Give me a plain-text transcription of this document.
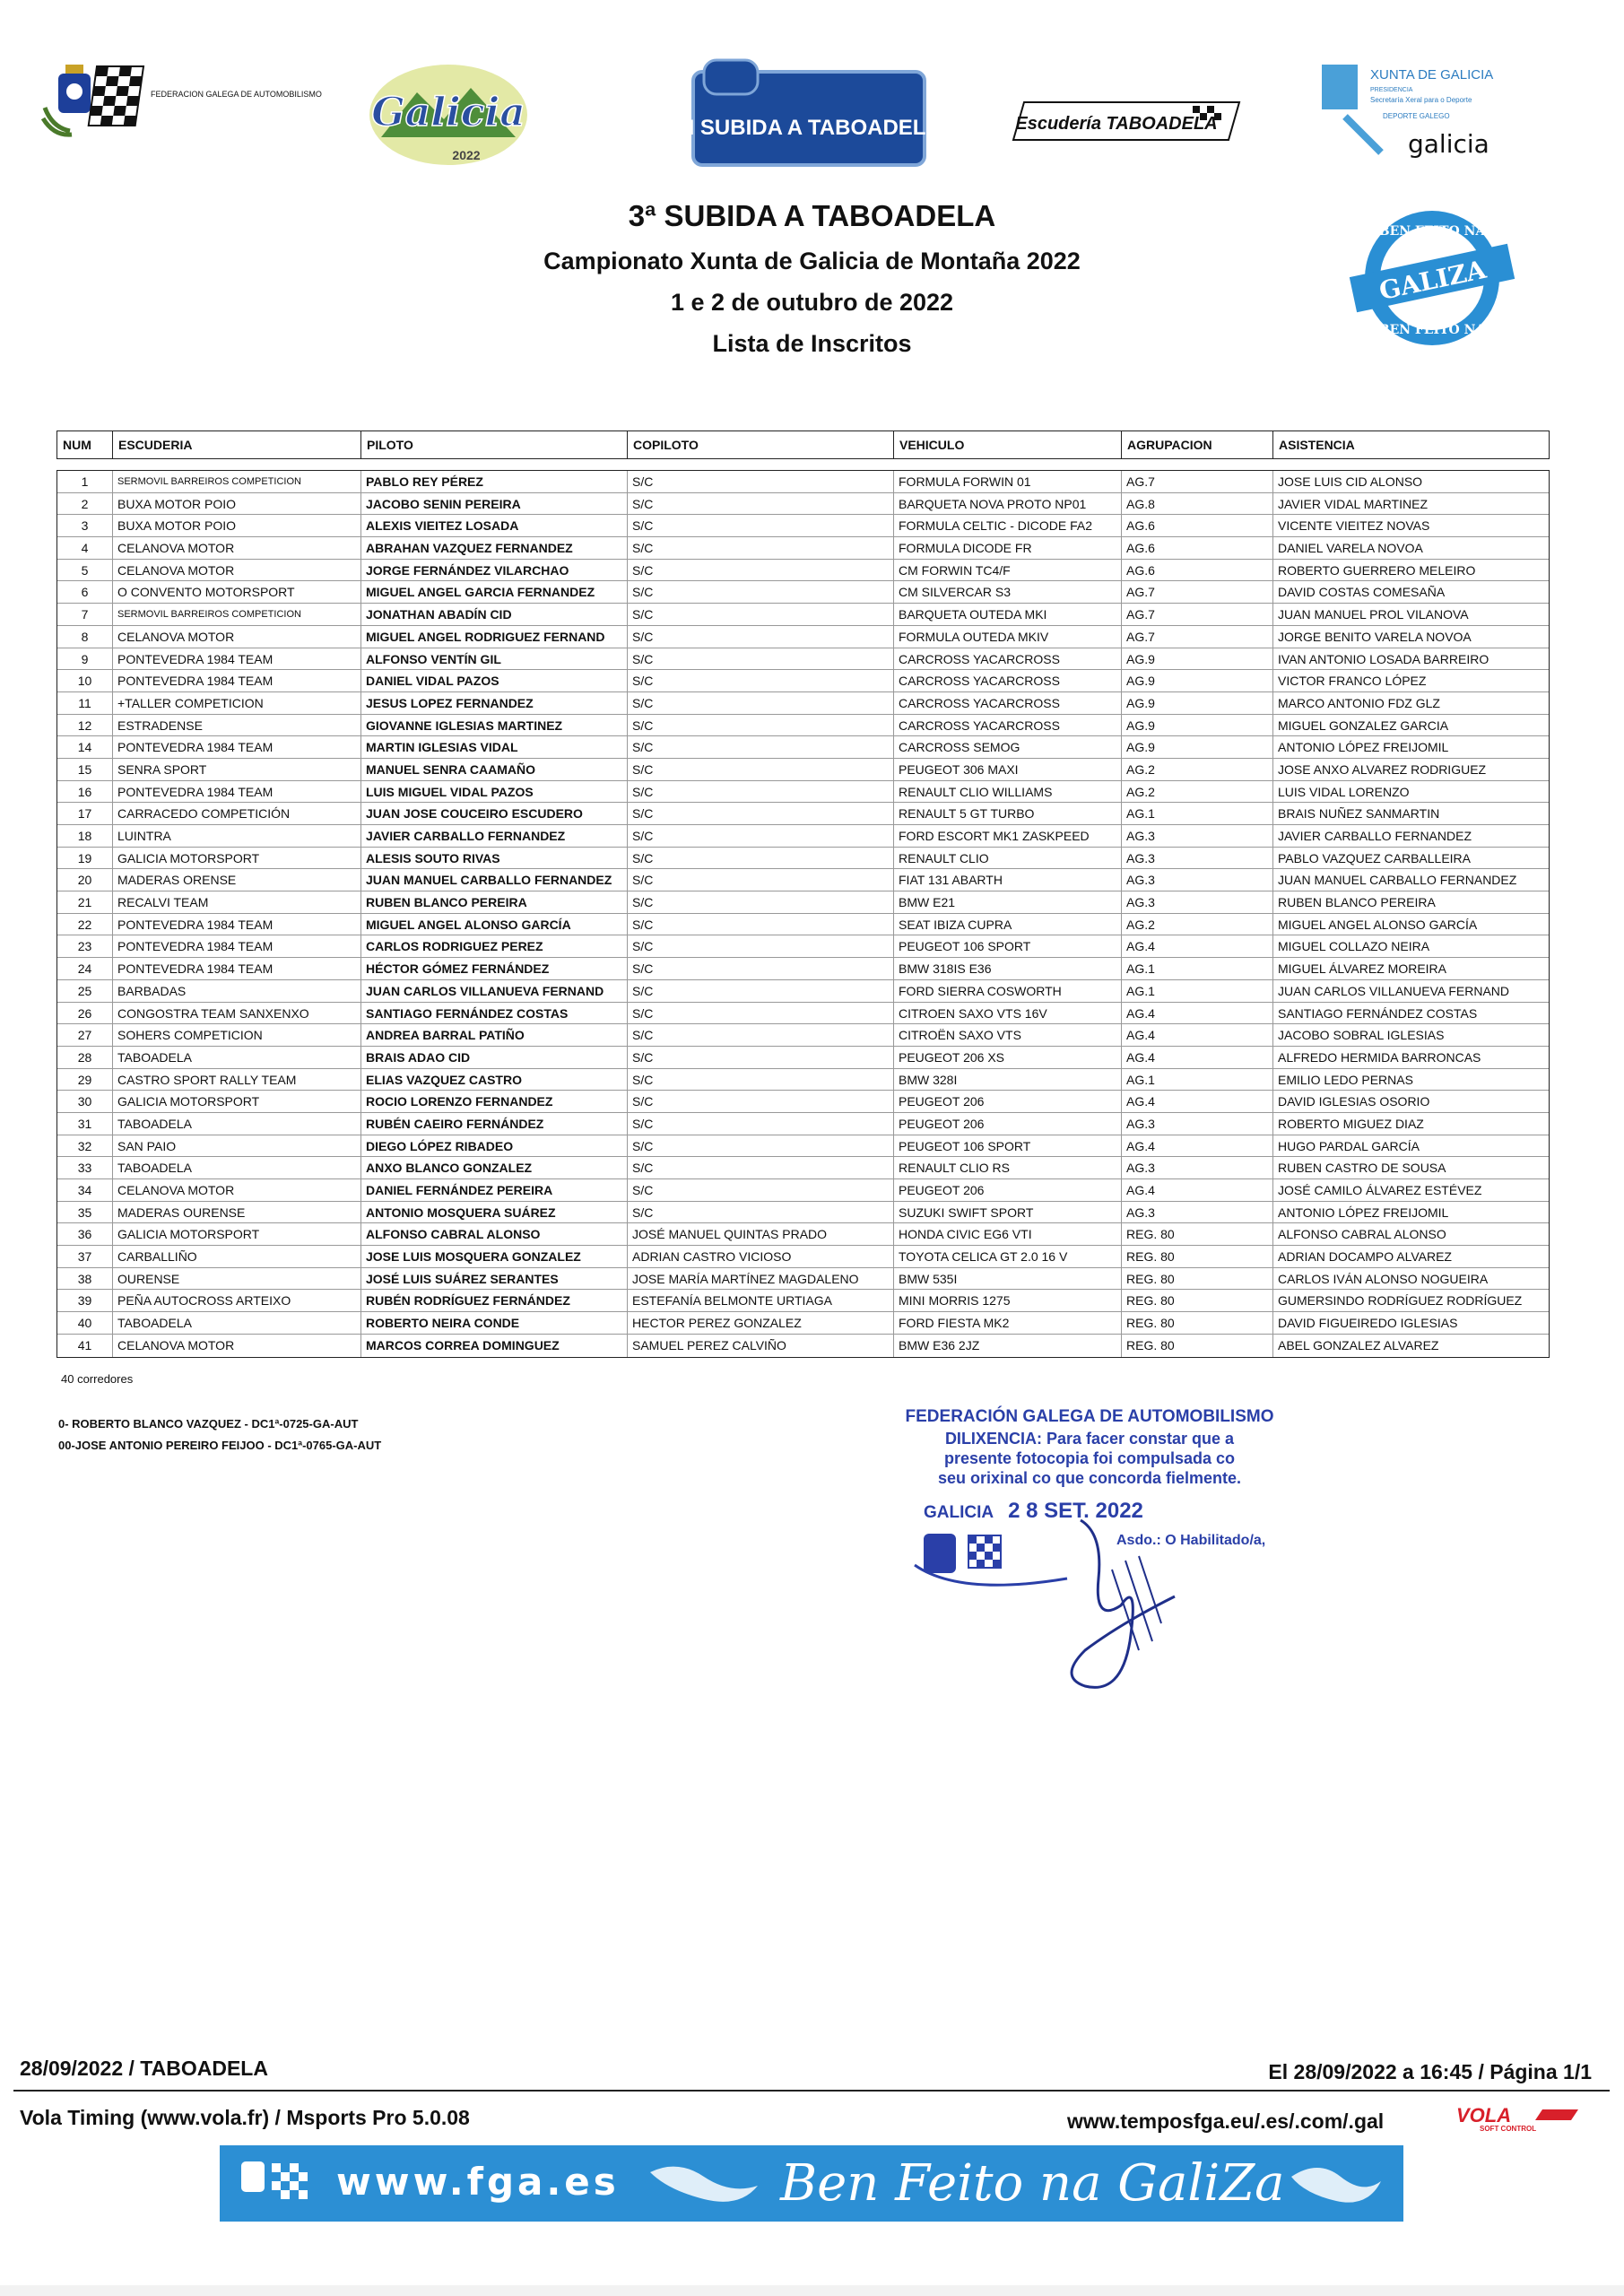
FEDERACION GALEGA DE AUTOMOBILISMO Galicia
2022
III SUBIDA A TABOADELA	Escudería TABOADELA
XUNTA DE GALICIA
PRESIDENCIA
Secretaría Xeral para o Deporte
DEPORTE GALEGO
galicia
BEN FEITO NA
GALIZA
BEN FEITO NA
3ª SUBIDA A TABOADELA
Campionato Xunta de Galicia de Montaña 2022
1 e 2 de outubro de 2022
Lista de Inscritos
NUM	ESCUDERIA	PILOTO	COPILOTO	VEHICULO	AGRUPACION	ASISTENCIA
1	SERMOVIL BARREIROS COMPETICION	PABLO REY PÉREZ	S/C	FORMULA FORWIN 01	AG.7	JOSE LUIS CID ALONSO
2	BUXA MOTOR POIO	JACOBO SENIN PEREIRA	S/C	BARQUETA NOVA PROTO NP01	AG.8	JAVIER VIDAL MARTINEZ
3	BUXA MOTOR POIO	ALEXIS VIEITEZ LOSADA	S/C	FORMULA CELTIC - DICODE FA2	AG.6	VICENTE VIEITEZ NOVAS
4	CELANOVA MOTOR	ABRAHAN VAZQUEZ FERNANDEZ	S/C	FORMULA DICODE FR	AG.6	DANIEL VARELA NOVOA
5	CELANOVA MOTOR	JORGE FERNÁNDEZ VILARCHAO	S/C	CM FORWIN TC4/F	AG.6	ROBERTO GUERRERO MELEIRO
6	O CONVENTO MOTORSPORT	MIGUEL ANGEL GARCIA FERNANDEZ	S/C	CM SILVERCAR S3	AG.7	DAVID COSTAS COMESAÑA
7	SERMOVIL BARREIROS COMPETICION	JONATHAN ABADÍN CID	S/C	BARQUETA OUTEDA MKI	AG.7	JUAN MANUEL PROL VILANOVA
8	CELANOVA MOTOR	MIGUEL ANGEL RODRIGUEZ FERNAND	S/C	FORMULA OUTEDA MKIV	AG.7	JORGE BENITO VARELA NOVOA
9	PONTEVEDRA 1984 TEAM	ALFONSO VENTÍN GIL	S/C	CARCROSS YACARCROSS	AG.9	IVAN ANTONIO LOSADA BARREIRO
10	PONTEVEDRA 1984 TEAM	DANIEL VIDAL PAZOS	S/C	CARCROSS YACARCROSS	AG.9	VICTOR FRANCO LÓPEZ
11	+TALLER COMPETICION	JESUS LOPEZ FERNANDEZ	S/C	CARCROSS YACARCROSS	AG.9	MARCO ANTONIO FDZ GLZ
12	ESTRADENSE	GIOVANNE IGLESIAS MARTINEZ	S/C	CARCROSS YACARCROSS	AG.9	MIGUEL GONZALEZ GARCIA
14	PONTEVEDRA 1984 TEAM	MARTIN IGLESIAS VIDAL	S/C	CARCROSS SEMOG	AG.9	ANTONIO LÓPEZ FREIJOMIL
15	SENRA SPORT	MANUEL SENRA CAAMAÑO	S/C	PEUGEOT 306 MAXI	AG.2	JOSE ANXO ALVAREZ RODRIGUEZ
16	PONTEVEDRA 1984 TEAM	LUIS MIGUEL VIDAL PAZOS	S/C	RENAULT CLIO WILLIAMS	AG.2	LUIS VIDAL LORENZO
17	CARRACEDO COMPETICIÓN	JUAN JOSE COUCEIRO ESCUDERO	S/C	RENAULT 5 GT TURBO	AG.1	BRAIS NUÑEZ SANMARTIN
18	LUINTRA	JAVIER CARBALLO FERNANDEZ	S/C	FORD ESCORT MK1 ZASKPEED	AG.3	JAVIER CARBALLO FERNANDEZ
19	GALICIA MOTORSPORT	ALESIS SOUTO RIVAS	S/C	RENAULT CLIO	AG.3	PABLO VAZQUEZ CARBALLEIRA
20	MADERAS ORENSE	JUAN MANUEL CARBALLO FERNANDEZ	S/C	FIAT 131 ABARTH	AG.3	JUAN MANUEL CARBALLO FERNANDEZ
21	RECALVI TEAM	RUBEN BLANCO PEREIRA	S/C	BMW E21	AG.3	RUBEN BLANCO PEREIRA
22	PONTEVEDRA 1984 TEAM	MIGUEL ANGEL ALONSO GARCÍA	S/C	SEAT IBIZA CUPRA	AG.2	MIGUEL ANGEL ALONSO GARCÍA
23	PONTEVEDRA 1984 TEAM	CARLOS RODRIGUEZ PEREZ	S/C	PEUGEOT 106 SPORT	AG.4	MIGUEL COLLAZO NEIRA
24	PONTEVEDRA 1984 TEAM	HÉCTOR GÓMEZ FERNÁNDEZ	S/C	BMW 318IS E36	AG.1	MIGUEL ÁLVAREZ MOREIRA
25	BARBADAS	JUAN CARLOS VILLANUEVA FERNAND	S/C	FORD SIERRA COSWORTH	AG.1	JUAN CARLOS VILLANUEVA FERNAND
26	CONGOSTRA TEAM SANXENXO	SANTIAGO FERNÁNDEZ COSTAS	S/C	CITROEN SAXO VTS 16V	AG.4	SANTIAGO FERNÁNDEZ COSTAS
27	SOHERS COMPETICION	ANDREA BARRAL PATIÑO	S/C	CITROËN SAXO VTS	AG.4	JACOBO SOBRAL IGLESIAS
28	TABOADELA	BRAIS ADAO CID	S/C	PEUGEOT 206 XS	AG.4	ALFREDO HERMIDA BARRONCAS
29	CASTRO SPORT RALLY TEAM	ELIAS VAZQUEZ CASTRO	S/C	BMW 328I	AG.1	EMILIO LEDO PERNAS
30	GALICIA MOTORSPORT	ROCIO LORENZO FERNANDEZ	S/C	PEUGEOT 206	AG.4	DAVID IGLESIAS OSORIO
31	TABOADELA	RUBÉN CAEIRO FERNÁNDEZ	S/C	PEUGEOT 206	AG.3	ROBERTO MIGUEZ DIAZ
32	SAN PAIO	DIEGO LÓPEZ RIBADEO	S/C	PEUGEOT 106 SPORT	AG.4	HUGO PARDAL GARCÍA
33	TABOADELA	ANXO BLANCO GONZALEZ	S/C	RENAULT CLIO RS	AG.3	RUBEN CASTRO DE SOUSA
34	CELANOVA MOTOR	DANIEL FERNÁNDEZ PEREIRA	S/C	PEUGEOT 206	AG.4	JOSÉ CAMILO ÁLVAREZ ESTÉVEZ
35	MADERAS OURENSE	ANTONIO MOSQUERA SUÁREZ	S/C	SUZUKI SWIFT SPORT	AG.3	ANTONIO LÓPEZ FREIJOMIL
36	GALICIA MOTORSPORT	ALFONSO CABRAL ALONSO	JOSÉ MANUEL QUINTAS PRADO	HONDA CIVIC EG6 VTI	REG. 80	ALFONSO CABRAL ALONSO
37	CARBALLIÑO	JOSE LUIS MOSQUERA GONZALEZ	ADRIAN CASTRO VICIOSO	TOYOTA CELICA GT 2.0 16 V	REG. 80	ADRIAN DOCAMPO ALVAREZ
38	OURENSE	JOSÉ LUIS SUÁREZ SERANTES	JOSE MARÍA MARTÍNEZ MAGDALENO	BMW 535I	REG. 80	CARLOS IVÁN ALONSO NOGUEIRA
39	PEÑA AUTOCROSS ARTEIXO	RUBÉN RODRÍGUEZ FERNÁNDEZ	ESTEFANÍA BELMONTE URTIAGA	MINI MORRIS 1275	REG. 80	GUMERSINDO RODRÍGUEZ RODRÍGUEZ
40	TABOADELA	ROBERTO NEIRA CONDE	HECTOR PEREZ GONZALEZ	FORD FIESTA MK2	REG. 80	DAVID FIGUEIREDO IGLESIAS
41	CELANOVA MOTOR	MARCOS CORREA DOMINGUEZ	SAMUEL PEREZ CALVIÑO	BMW E36 2JZ	REG. 80	ABEL GONZALEZ ALVAREZ
40 corredores
0- ROBERTO BLANCO VAZQUEZ - DC1ª-0725-GA-AUT
00-JOSE ANTONIO PEREIRO FEIJOO - DC1ª-0765-GA-AUT
FEDERACIÓN GALEGA DE AUTOMOBILISMO
DILIXENCIA: Para facer constar que a
presente fotocopia foi compulsada co
seu orixinal co que concorda fielmente.
GALICIA 2 8 SET. 2022
Asdo.: O Habilitado/a,
28/09/2022 / TABOADELA	El 28/09/2022 a 16:45 / Página 1/1
Vola Timing (www.vola.fr) / Msports Pro 5.0.08	www.temposfga.eu/.es/.com/.gal	VOLA
SOFT CONTROL
www.fga.es	Ben Feito na GaliZa
